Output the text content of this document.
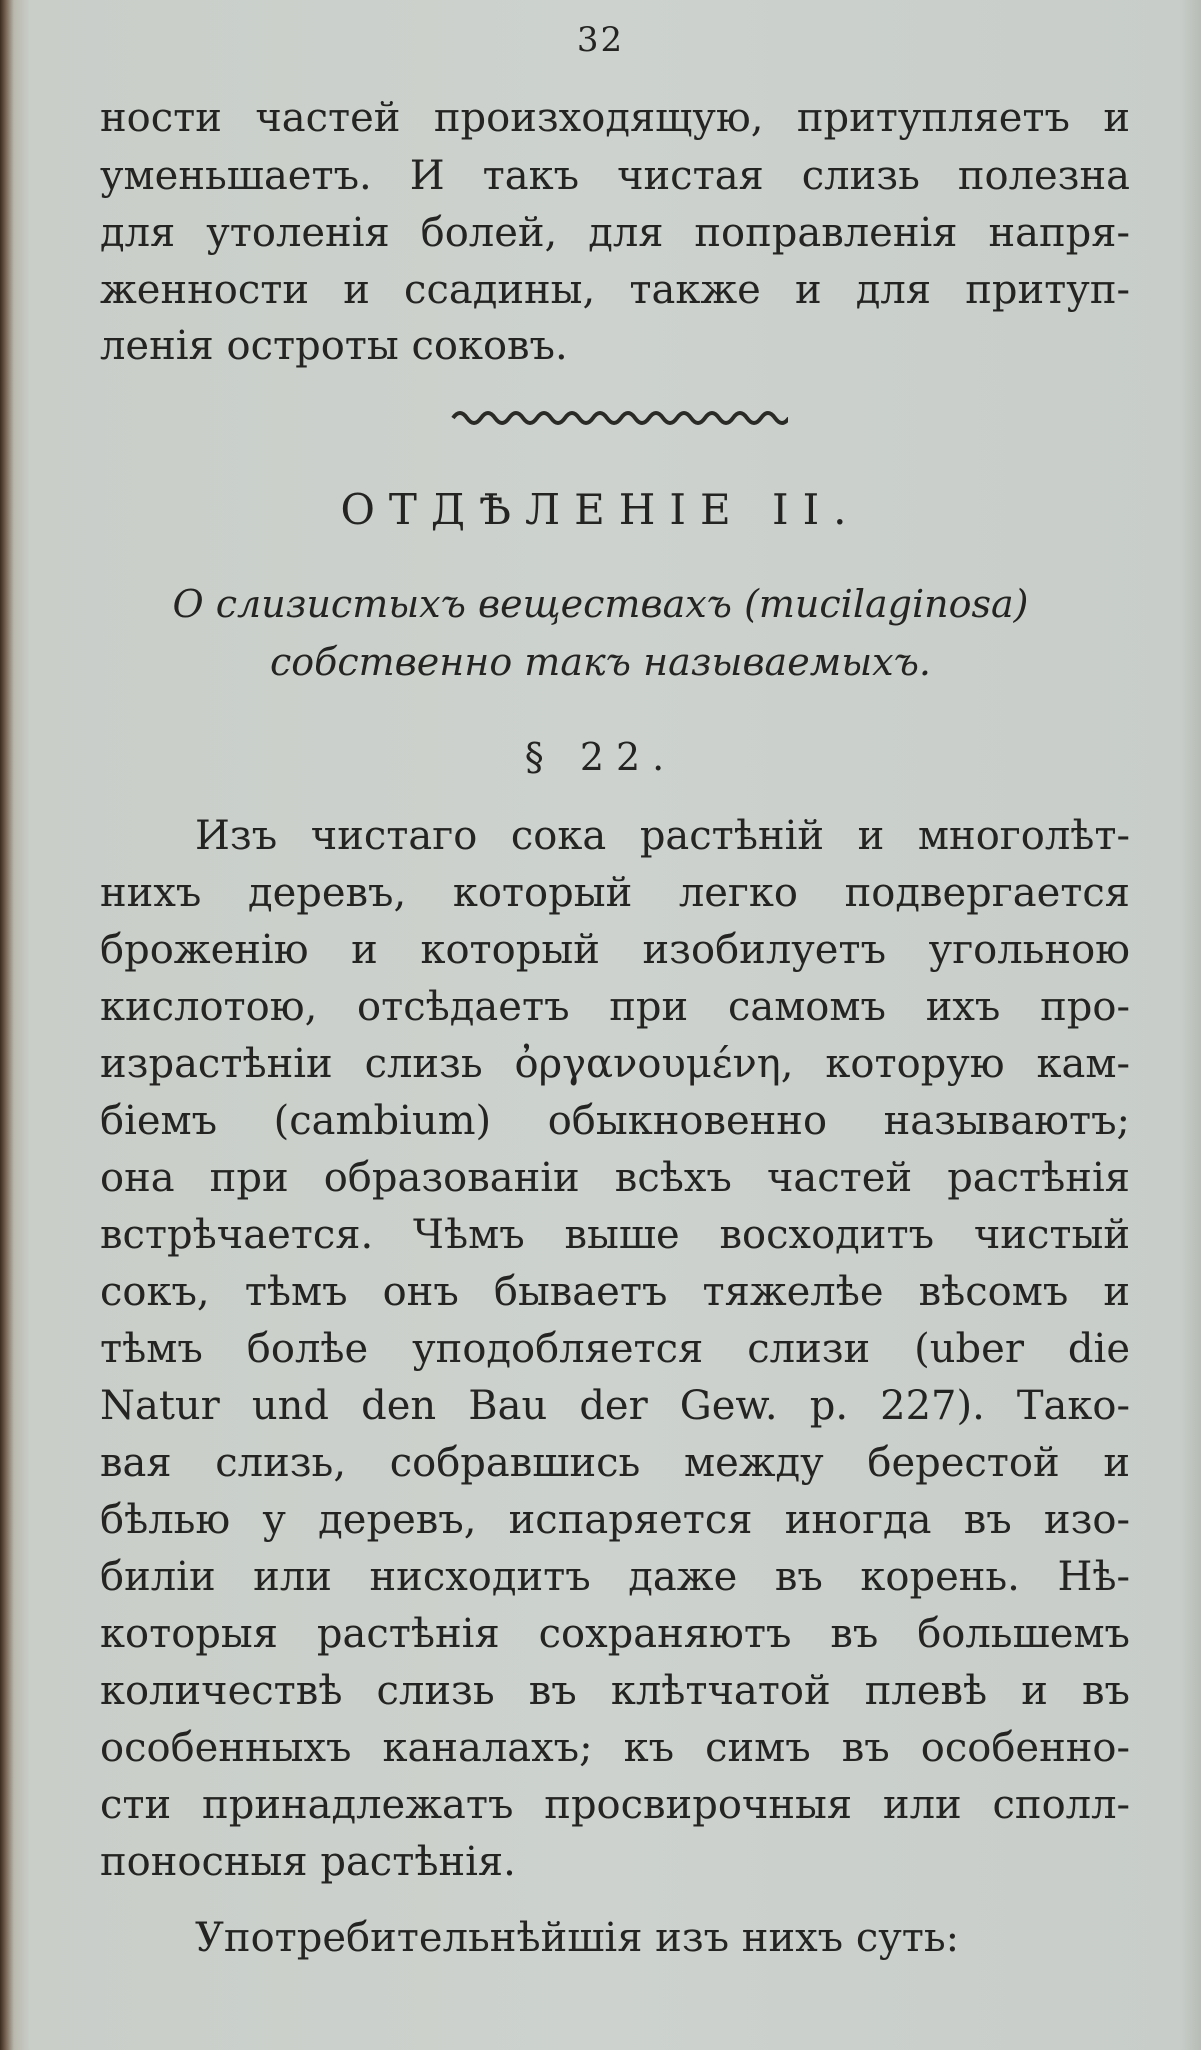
32
ности частей произходящую, притупляетъ и
уменьшаетъ. И такъ чистая слизь полезна
для утоленія болей, для поправленія напря-
женности и ссадины, также и для притуп-
ленія остроты соковъ.
ОТДѢЛЕНІЕ II.
О слизистыхъ веществахъ (mucilaginosa)
собственно такъ называемыхъ.
§ 22.
Изъ чистаго сока растѣній и многолѣт-
нихъ деревъ, который легко подвергается
броженію и который изобилуетъ угольною
кислотою, отсѣдаетъ при самомъ ихъ про-
израстѣніи слизь ὀργανουμένη, которую кам-
біемъ (cambium) обыкновенно называютъ;
она при образованіи всѣхъ частей растѣнія
встрѣчается. Чѣмъ выше восходитъ чистый
сокъ, тѣмъ онъ бываетъ тяжелѣе вѣсомъ и
тѣмъ болѣе уподобляется слизи (uber die
Natur und den Bau der Gew. p. 227). Тако-
вая слизь, собравшись между берестой и
бѣлью у деревъ, испаряется иногда въ изо-
биліи или нисходитъ даже въ корень. Нѣ-
которыя растѣнія сохраняютъ въ большемъ
количествѣ слизь въ клѣтчатой плевѣ и въ
особенныхъ каналахъ; къ симъ въ особенно-
сти принадлежатъ просвирочныя или сполл-
поносныя растѣнія.
Употребительнѣйшія изъ нихъ суть:
